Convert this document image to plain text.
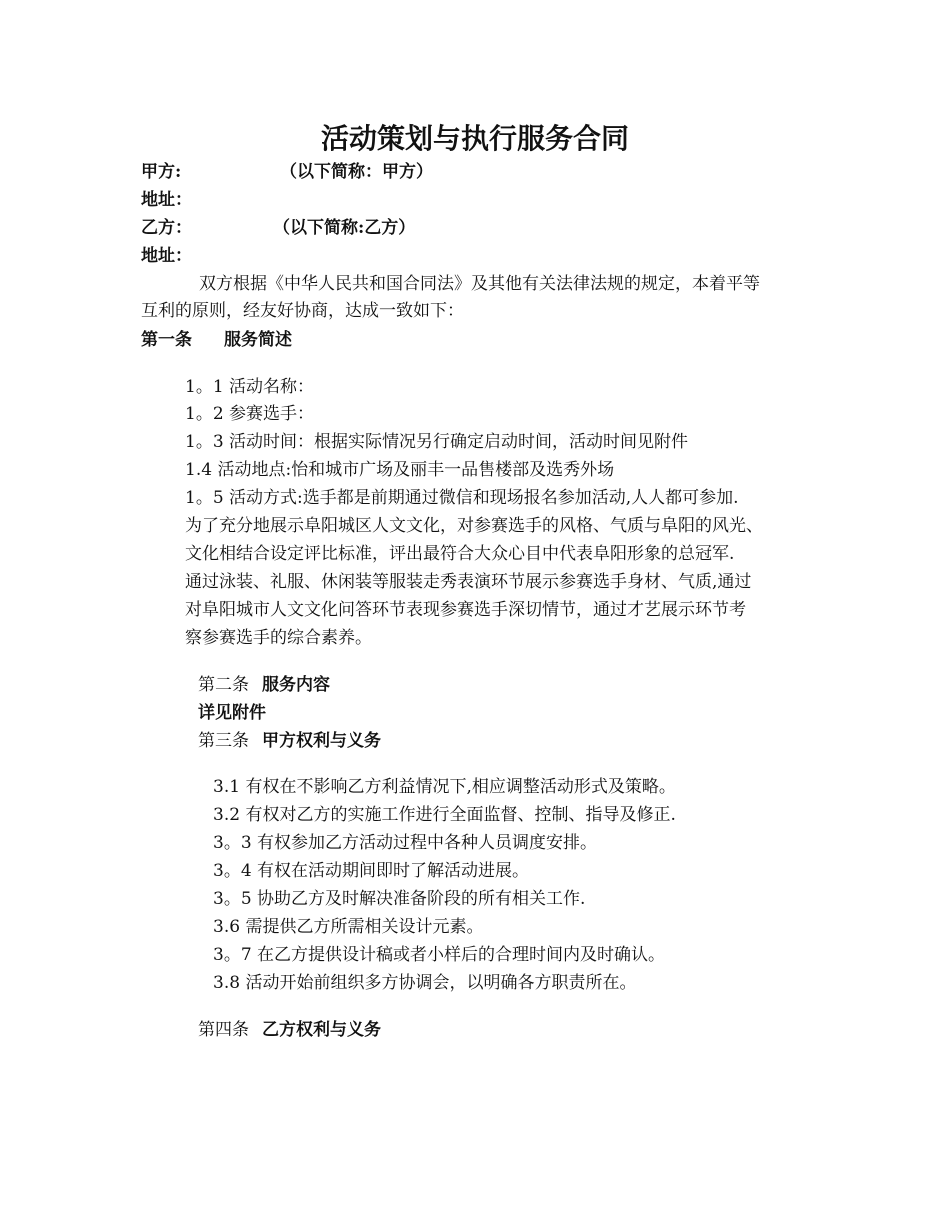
活动策划与执行服务合同
甲方:	（以下简称：甲方）
地址：
乙方：	（以下简称:乙方）
地址：
双方根据《中华人民共和国合同法》及其他有关法律法规的规定，本着平等
互利的原则，经友好协商，达成一致如下：
第一条 服务简述
1。1 活动名称：
1。2 参赛选手：
1。3 活动时间：根据实际情况另行确定启动时间，活动时间见附件
1.4 活动地点:怡和城市广场及丽丰一品售楼部及选秀外场
1。5 活动方式:选手都是前期通过微信和现场报名参加活动,人人都可参加.
为了充分地展示阜阳城区人文文化，对参赛选手的风格、气质与阜阳的风光、
文化相结合设定评比标准，评出最符合大众心目中代表阜阳形象的总冠军.
通过泳装、礼服、休闲装等服装走秀表演环节展示参赛选手身材、气质,通过
对阜阳城市人文文化问答环节表现参赛选手深切情节，通过才艺展示环节考
察参赛选手的综合素养。
第二条 服务内容
详见附件
第三条 甲方权利与义务
3.1 有权在不影响乙方利益情况下,相应调整活动形式及策略。
3.2 有权对乙方的实施工作进行全面监督、控制、指导及修正.
3。3 有权参加乙方活动过程中各种人员调度安排。
3。4 有权在活动期间即时了解活动进展。
3。5 协助乙方及时解决准备阶段的所有相关工作.
3.6 需提供乙方所需相关设计元素。
3。7 在乙方提供设计稿或者小样后的合理时间内及时确认。
3.8 活动开始前组织多方协调会，以明确各方职责所在。
第四条 乙方权利与义务
